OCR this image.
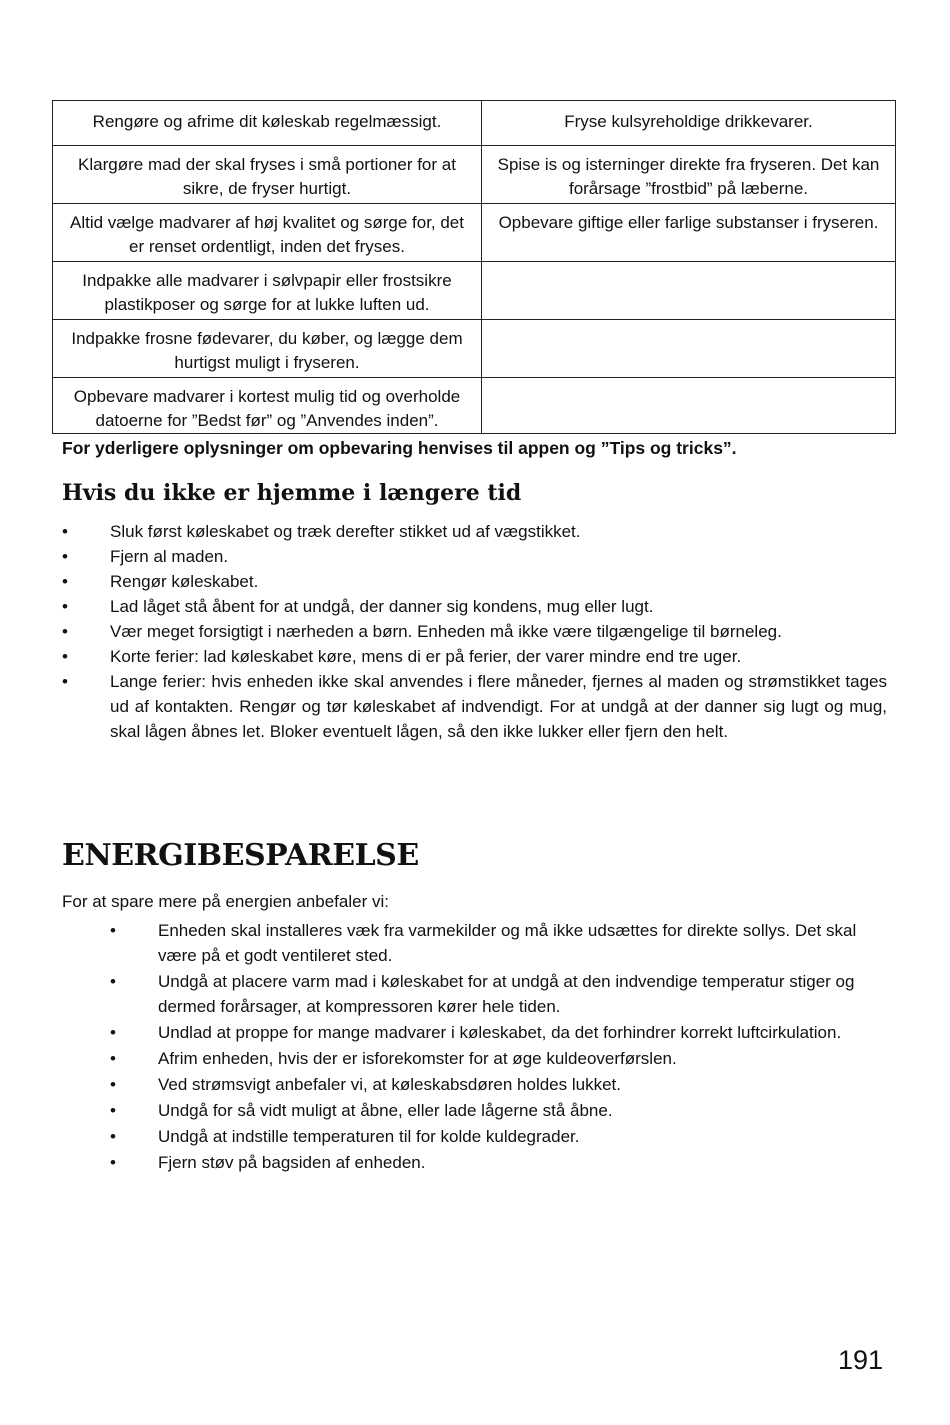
Rengøre og afrime dit køleskab regelmæssigt.	Fryse kulsyreholdige drikkevarer.
Klargøre mad der skal fryses i små portioner for at sikre, de fryser hurtigt.	Spise is og isterninger direkte fra fryseren. Det kan forårsage ”frostbid” på læberne.
Altid vælge madvarer af høj kvalitet og sørge for, det er renset ordentligt, inden det fryses.	Opbevare giftige eller farlige substanser i fryseren.
Indpakke alle madvarer i sølvpapir eller frostsikre plastikposer og sørge for at lukke luften ud.	
Indpakke frosne fødevarer, du køber, og lægge dem hurtigst muligt i fryseren.	
Opbevare madvarer i kortest mulig tid og overholde datoerne for ”Bedst før” og ”Anvendes inden”.	
For yderligere oplysninger om opbevaring henvises til appen og ”Tips og tricks”.
Hvis du ikke er hjemme i længere tid
• Sluk først køleskabet og træk derefter stikket ud af vægstikket.
• Fjern al maden.
• Rengør køleskabet.
• Lad låget stå åbent for at undgå, der danner sig kondens, mug eller lugt.
• Vær meget forsigtigt i nærheden a børn. Enheden må ikke være tilgængelige til børneleg.
• Korte ferier: lad køleskabet køre, mens di er på ferier, der varer mindre end tre uger.
• Lange ferier: hvis enheden ikke skal anvendes i flere måneder, fjernes al maden og strømstikket tages ud af kontakten. Rengør og tør køleskabet af indvendigt. For at undgå at der danner sig lugt og mug, skal lågen åbnes let. Bloker eventuelt lågen, så den ikke lukker eller fjern den helt.
ENERGIBESPARELSE
For at spare mere på energien anbefaler vi:
• Enheden skal installeres væk fra varmekilder og må ikke udsættes for direkte sollys. Det skal være på et godt ventileret sted.
• Undgå at placere varm mad i køleskabet for at undgå at den indvendige temperatur stiger og dermed forårsager, at kompressoren kører hele tiden.
• Undlad at proppe for mange madvarer i køleskabet, da det forhindrer korrekt luftcirkulation.
• Afrim enheden, hvis der er isforekomster for at øge kuldeoverførslen.
• Ved strømsvigt anbefaler vi, at køleskabsdøren holdes lukket.
• Undgå for så vidt muligt at åbne, eller lade lågerne stå åbne.
• Undgå at indstille temperaturen til for kolde kuldegrader.
• Fjern støv på bagsiden af enheden.
191
